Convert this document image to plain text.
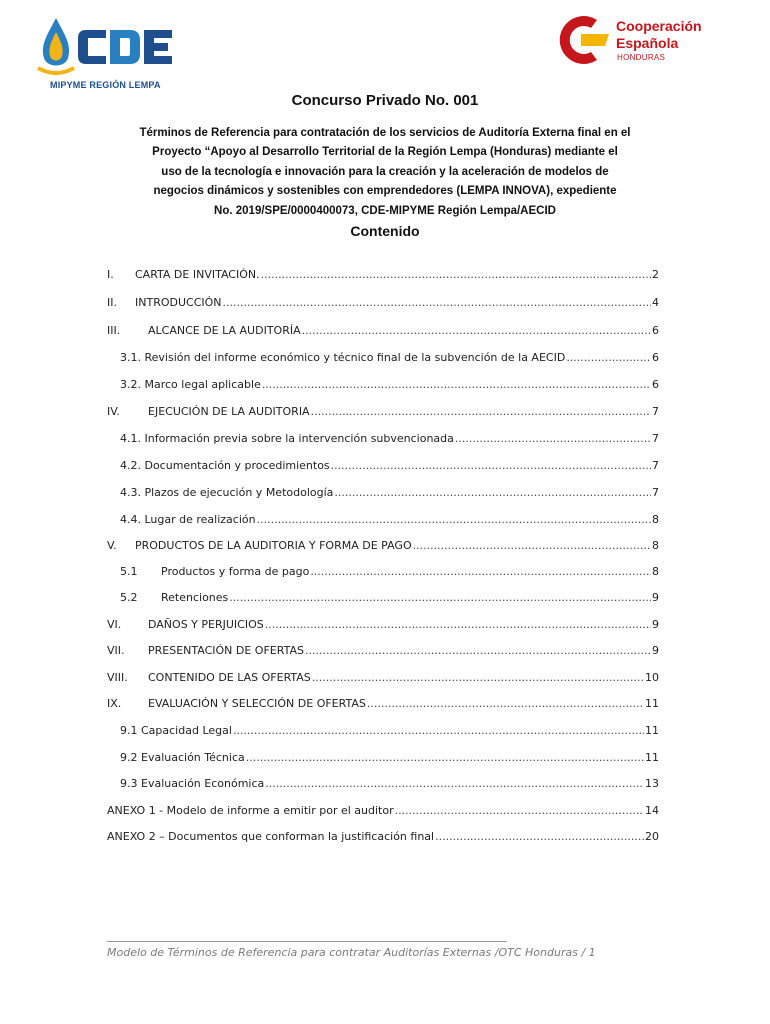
MIPYME REGIÓN LEMPA
Cooperación
Española
HONDURAS
Concurso Privado No. 001
Términos de Referencia para contratación de los servicios de Auditoría Externa final en el
Proyecto “Apoyo al Desarrollo Territorial de la Región Lempa (Honduras) mediante el
uso de la tecnología e innovación para la creación y la aceleración de modelos de
negocios dinámicos y sostenibles con emprendedores (LEMPA INNOVA), expediente
No. 2019/SPE/0000400073, CDE-MIPYME Región Lempa/AECID
Contenido
I.	CARTA DE INVITACIÓN. .....	2
II.	INTRODUCCIÓN .....	4
III.	ALCANCE DE LA AUDITORÍA .....	6
3.1. Revisión del informe económico y técnico final de la subvención de la AECID .....	6
3.2. Marco legal aplicable .....	6
IV.	EJECUCIÓN DE LA AUDITORIA .....	7
4.1. Información previa sobre la intervención subvencionada .....	7
4.2. Documentación y procedimientos .....	7
4.3. Plazos de ejecución y Metodología .....	7
4.4. Lugar de realización .....	8
V.	PRODUCTOS DE LA AUDITORIA Y FORMA DE PAGO .....	8
5.1	Productos y forma de pago .....	8
5.2	Retenciones .....	9
VI.	DAÑOS Y PERJUICIOS .....	9
VII.	PRESENTACIÓN DE OFERTAS .....	9
VIII.	CONTENIDO DE LAS OFERTAS .....	10
IX.	EVALUACIÓN Y SELECCIÓN DE OFERTAS .....	11
9.1 Capacidad Legal .....	11
9.2 Evaluación Técnica .....	11
9.3 Evaluación Económica .....	13
ANEXO 1 - Modelo de informe a emitir por el auditor .....	14
ANEXO 2 – Documentos que conforman la justificación final .....	20
Modelo de Términos de Referencia para contratar Auditorías Externas /OTC Honduras / 1
